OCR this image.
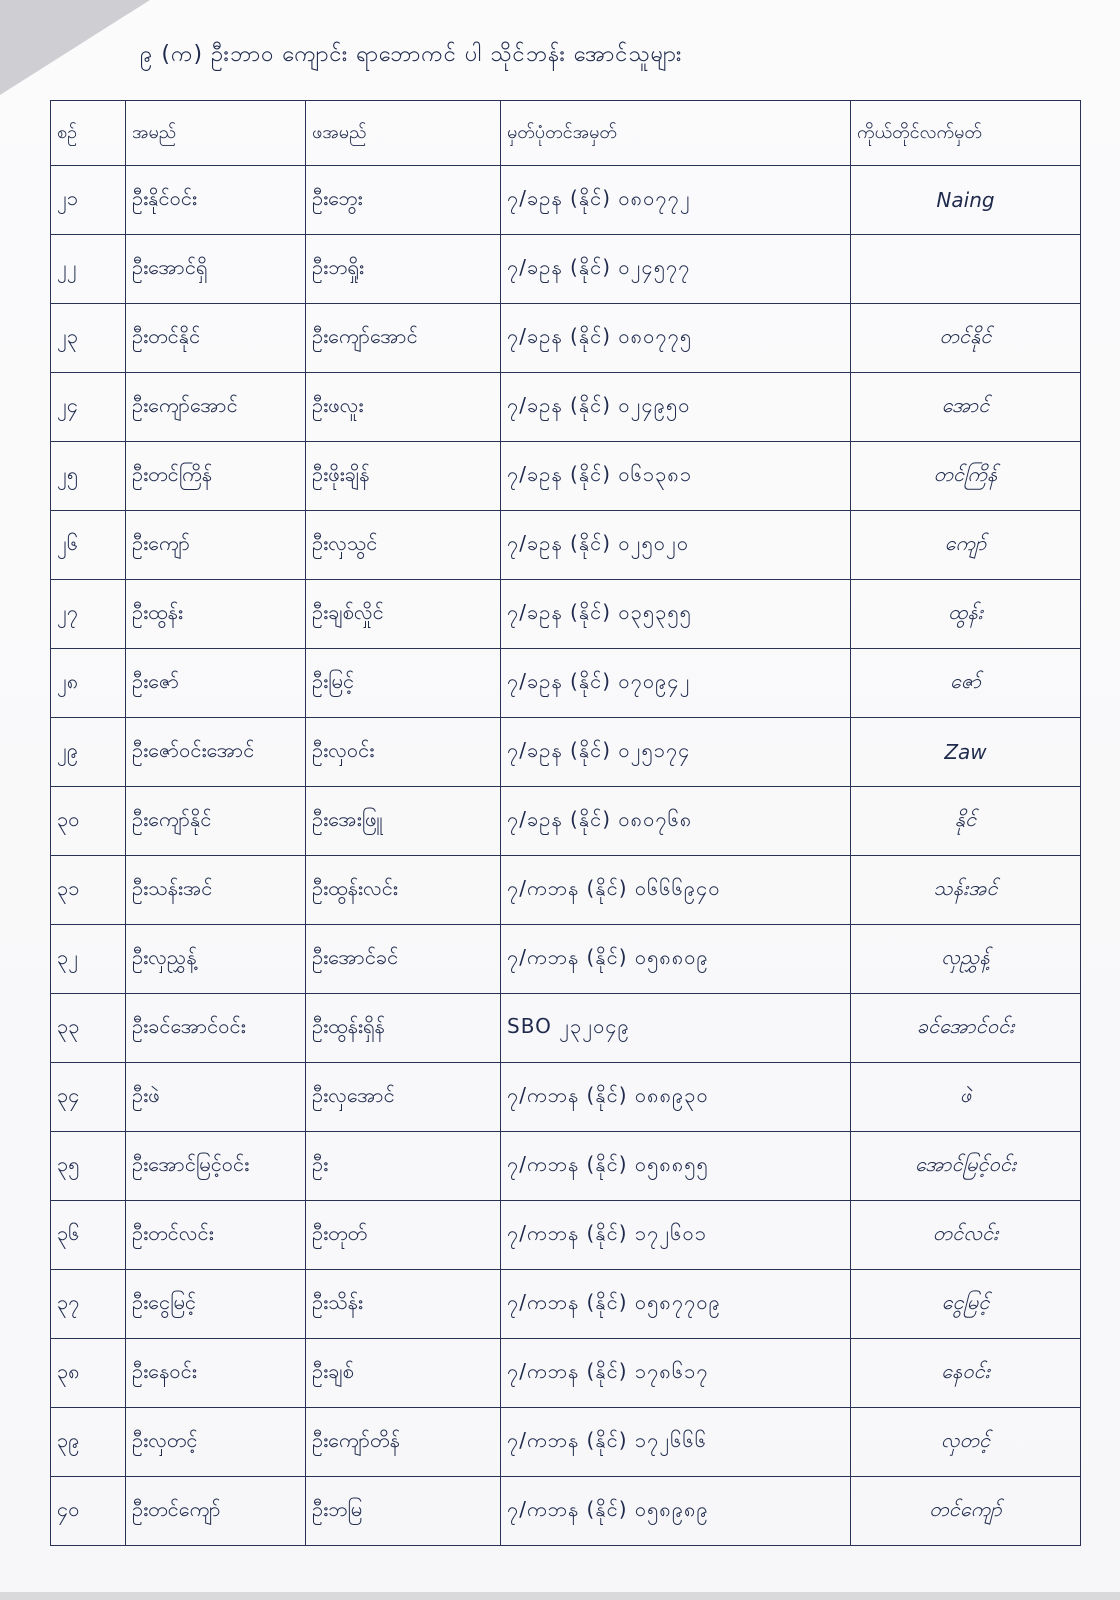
၉ (က) ဦးဘာဝ ကျောင်း ရာဘောကင် ပါ သိုင်ဘန်း အောင်သူများ
စဉ်	အမည်	ဖအမည်	မှတ်ပုံတင်အမှတ်	ကိုယ်တိုင်လက်မှတ်
၂၁	ဦးနိုင်ဝင်း	ဦးဘွေး	၇/ခဥန (နိုင်) ၀၈၀၇၇၂	Naing
၂၂	ဦးအောင်ရှိ	ဦးဘရှိုး	၇/ခဥန (နိုင်) ၀၂၄၅၇၇	
၂၃	ဦးတင်နိုင်	ဦးကျော်အောင်	၇/ခဥန (နိုင်) ၀၈၀၇၇၅	တင်နိုင်
၂၄	ဦးကျော်အောင်	ဦးဖလူး	၇/ခဥန (နိုင်) ၀၂၄၉၅၀	အောင်
၂၅	ဦးတင်ကြိန်	ဦးဖိုးချိန်	၇/ခဥန (နိုင်) ၀၆၁၃၈၁	တင်ကြိန်
၂၆	ဦးကျော်	ဦးလှသွင်	၇/ခဥန (နိုင်) ၀၂၅၀၂၀	ကျော်
၂၇	ဦးထွန်း	ဦးချစ်လှိုင်	၇/ခဥန (နိုင်) ၀၃၅၃၅၅	ထွန်း
၂၈	ဦးဇော်	ဦးမြင့်	၇/ခဥန (နိုင်) ၀၇၀၉၄၂	ဇော်
၂၉	ဦးဇော်ဝင်းအောင်	ဦးလှဝင်း	၇/ခဥန (နိုင်) ၀၂၅၁၇၄	Zaw
၃၀	ဦးကျော်နိုင်	ဦးအေးဖြူ	၇/ခဥန (နိုင်) ၀၈၀၇၆၈	နိုင်
၃၁	ဦးသန်းအင်	ဦးထွန်းလင်း	၇/ကဘန (နိုင်) ၀၆၆၆၉၄၀	သန်းအင်
၃၂	ဦးလှညွှန့်	ဦးအောင်ခင်	၇/ကဘန (နိုင်) ၀၅၈၈၀၉	လှညွှန့်
၃၃	ဦးခင်အောင်ဝင်း	ဦးထွန်းရှိန်	SBO ၂၃၂၀၄၉	ခင်အောင်ဝင်း
၃၄	ဦးဖဲ	ဦးလှအောင်	၇/ကဘန (နိုင်) ၀၈၈၉၃၀	ဖဲ
၃၅	ဦးအောင်မြင့်ဝင်း	ဦး	၇/ကဘန (နိုင်) ၀၅၈၈၅၅	အောင်မြင့်ဝင်း
၃၆	ဦးတင်လင်း	ဦးတုတ်	၇/ကဘန (နိုင်) ၁၇၂၆၀၁	တင်လင်း
၃၇	ဦးငွေမြင့်	ဦးသိန်း	၇/ကဘန (နိုင်) ၀၅၈၇၇၀၉	ငွေမြင့်
၃၈	ဦးနေဝင်း	ဦးချစ်	၇/ကဘန (နိုင်) ၁၇၈၆၁၇	နေဝင်း
၃၉	ဦးလှတင့်	ဦးကျော်တိန်	၇/ကဘန (နိုင်) ၁၇၂၆၆၆	လှတင့်
၄၀	ဦးတင်ကျော်	ဦးဘမြ	၇/ကဘန (နိုင်) ၀၅၈၉၈၉	တင်ကျော်
